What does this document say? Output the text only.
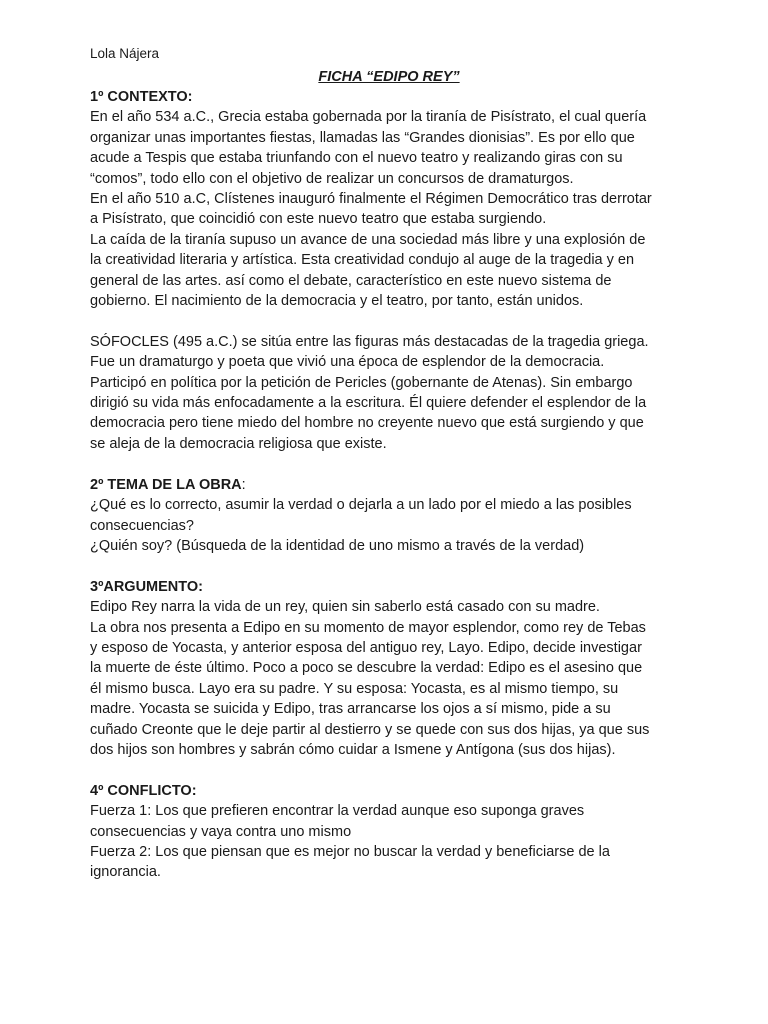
Lola Nájera
FICHA “EDIPO REY”
1º CONTEXTO:
En el año 534 a.C., Grecia estaba gobernada por la tiranía de Pisístrato, el cual quería
organizar unas importantes fiestas, llamadas las “Grandes dionisias”. Es por ello que
acude a Tespis que estaba triunfando con el nuevo teatro y realizando giras con su
“comos”, todo ello con el objetivo de realizar un concursos de dramaturgos.
En el año 510 a.C, Clístenes inauguró finalmente el Régimen Democrático tras derrotar
a Pisístrato, que coincidió con este nuevo teatro que estaba surgiendo.
La caída de la tiranía supuso un avance de una sociedad más libre y una explosión de
la creatividad literaria y artística. Esta creatividad condujo al auge de la tragedia y en
general de las artes. así como el debate, característico en este nuevo sistema de
gobierno. El nacimiento de la democracia y el teatro, por tanto, están unidos.
SÓFOCLES (495 a.C.) se sitúa entre las figuras más destacadas de la tragedia griega.
Fue un dramaturgo y poeta que vivió una época de esplendor de la democracia.
Participó en política por la petición de Pericles (gobernante de Atenas). Sin embargo
dirigió su vida más enfocadamente a la escritura. Él quiere defender el esplendor de la
democracia pero tiene miedo del hombre no creyente nuevo que está surgiendo y que
se aleja de la democracia religiosa que existe.
2º TEMA DE LA OBRA:
¿Qué es lo correcto, asumir la verdad o dejarla a un lado por el miedo a las posibles
consecuencias?
¿Quién soy? (Búsqueda de la identidad de uno mismo a través de la verdad)
3ºARGUMENTO:
Edipo Rey narra la vida de un rey, quien sin saberlo está casado con su madre.
La obra nos presenta a Edipo en su momento de mayor esplendor, como rey de Tebas
y esposo de Yocasta, y anterior esposa del antiguo rey, Layo. Edipo, decide investigar
la muerte de éste último. Poco a poco se descubre la verdad: Edipo es el asesino que
él mismo busca. Layo era su padre. Y su esposa: Yocasta, es al mismo tiempo, su
madre. Yocasta se suicida y Edipo, tras arrancarse los ojos a sí mismo, pide a su
cuñado Creonte que le deje partir al destierro y se quede con sus dos hijas, ya que sus
dos hijos son hombres y sabrán cómo cuidar a Ismene y Antígona (sus dos hijas).
4º CONFLICTO:
Fuerza 1: Los que prefieren encontrar la verdad aunque eso suponga graves
consecuencias y vaya contra uno mismo
Fuerza 2: Los que piensan que es mejor no buscar la verdad y beneficiarse de la
ignorancia.
